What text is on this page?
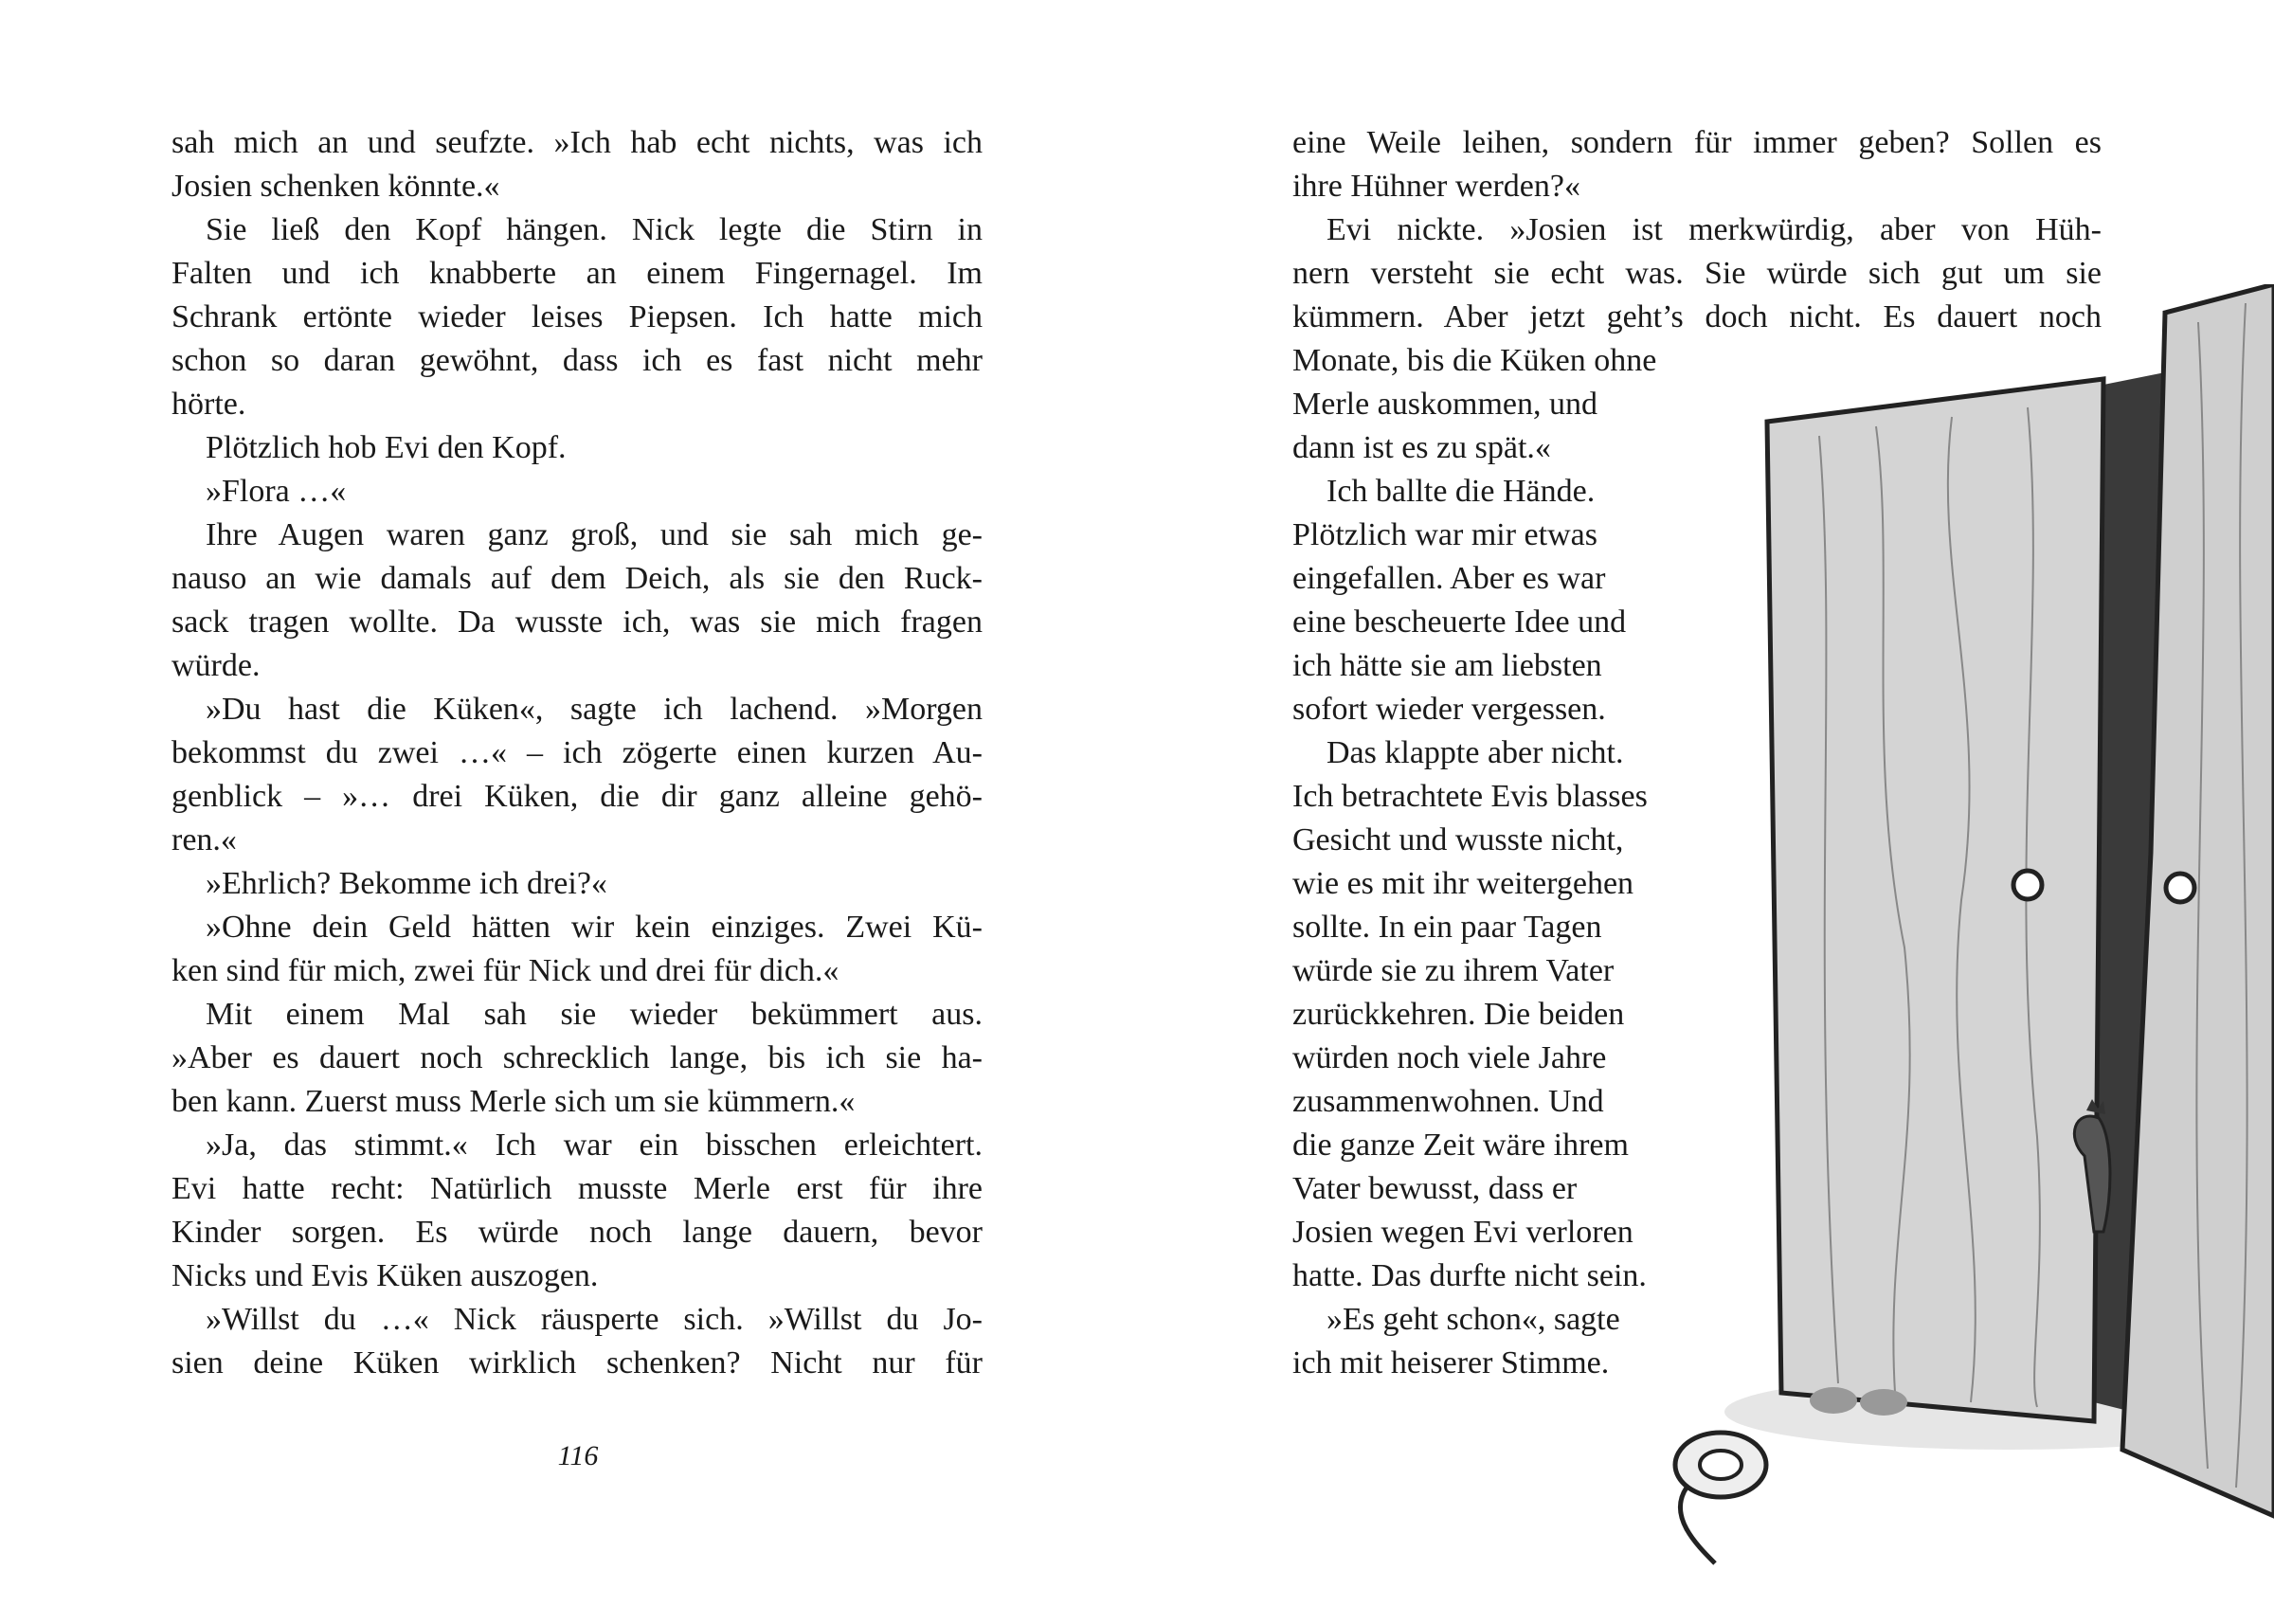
sah mich an und seufzte. »Ich hab echt nichts, was ich
Josien schenken könnte.«
Sie ließ den Kopf hängen. Nick legte die Stirn in
Falten und ich knabberte an einem Fingernagel. Im
Schrank ertönte wieder leises Piepsen. Ich hatte mich
schon so daran gewöhnt, dass ich es fast nicht mehr
hörte.
Plötzlich hob Evi den Kopf.
»Flora …«
Ihre Augen waren ganz groß, und sie sah mich ge-
nauso an wie damals auf dem Deich, als sie den Ruck-
sack tragen wollte. Da wusste ich, was sie mich fragen
würde.
»Du hast die Küken«, sagte ich lachend. »Morgen
bekommst du zwei …« – ich zögerte einen kurzen Au-
genblick – »… drei Küken, die dir ganz alleine gehö-
ren.«
»Ehrlich? Bekomme ich drei?«
»Ohne dein Geld hätten wir kein einziges. Zwei Kü-
ken sind für mich, zwei für Nick und drei für dich.«
Mit einem Mal sah sie wieder bekümmert aus.
»Aber es dauert noch schrecklich lange, bis ich sie ha-
ben kann. Zuerst muss Merle sich um sie kümmern.«
»Ja, das stimmt.« Ich war ein bisschen erleichtert.
Evi hatte recht: Natürlich musste Merle erst für ihre
Kinder sorgen. Es würde noch lange dauern, bevor
Nicks und Evis Küken auszogen.
»Willst du …« Nick räusperte sich. »Willst du Jo-
sien deine Küken wirklich schenken? Nicht nur für
116
eine Weile leihen, sondern für immer geben? Sollen es
ihre Hühner werden?«
Evi nickte. »Josien ist merkwürdig, aber von Hüh-
nern versteht sie echt was. Sie würde sich gut um sie
kümmern. Aber jetzt geht’s doch nicht. Es dauert noch
Monate, bis die Küken ohne
Merle auskommen, und
dann ist es zu spät.«
Ich ballte die Hände.
Plötzlich war mir etwas
eingefallen. Aber es war
eine bescheuerte Idee und
ich hätte sie am liebsten
sofort wieder vergessen.
Das klappte aber nicht.
Ich betrachtete Evis blasses
Gesicht und wusste nicht,
wie es mit ihr weitergehen
sollte. In ein paar Tagen
würde sie zu ihrem Vater
zurückkehren. Die beiden
würden noch viele Jahre
zusammenwohnen. Und
die ganze Zeit wäre ihrem
Vater bewusst, dass er
Josien wegen Evi verloren
hatte. Das durfte nicht sein.
»Es geht schon«, sagte
ich mit heiserer Stimme.
